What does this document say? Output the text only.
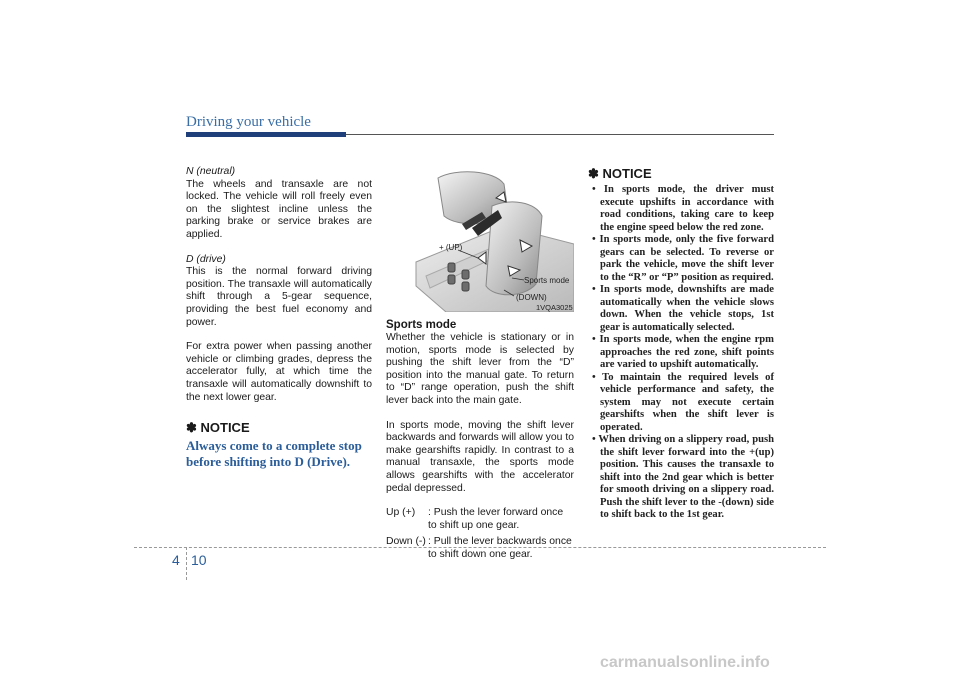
Driving your vehicle

N (neutral)

The wheels and transaxle are not locked. The vehicle will roll freely even on the slightest incline unless the parking brake or service brakes are applied.

D (drive)

This is the normal forward driving position. The transaxle will automatically shift through a 5-gear sequence, providing the best fuel economy and power.

For extra power when passing another vehicle or climbing grades, depress the accelerator fully, at which time the transaxle will automatically downshift to the next lower gear.

✽ NOTICE

Always come to a complete stop before shifting into D (Drive).

+ (UP)
Sports mode
(DOWN)
1VQA3025

Sports mode

Whether the vehicle is stationary or in motion, sports mode is selected by pushing the shift lever from the “D” position into the manual gate. To return to “D” range operation, push the shift lever back into the main gate.

In sports mode, moving the shift lever backwards and forwards will allow you to make gearshifts rapidly. In contrast to a manual transaxle, the sports mode allows gearshifts with the accelerator pedal depressed.

Up (+)	: Push the lever forward once to shift up one gear.
Down (-) : Pull the lever backwards once to shift down one gear.

✽ NOTICE

• In sports mode, the driver must execute upshifts in accordance with road conditions, taking care to keep the engine speed below the red zone.
• In sports mode, only the five forward gears can be selected. To reverse or park the vehicle, move the shift lever to the “R” or “P” position as required.
• In sports mode, downshifts are made automatically when the vehicle slows down. When the vehicle stops, 1st gear is automatically selected.
• In sports mode, when the engine rpm approaches the red zone, shift points are varied to upshift automatically.
• To maintain the required levels of vehicle performance and safety, the system may not execute certain gearshifts when the shift lever is operated.
• When driving on a slippery road, push the shift lever forward into the +(up) position. This causes the transaxle to shift into the 2nd gear which is better for smooth driving on a slippery road. Push the shift lever to the -(down) side to shift back to the 1st gear.
4 10
carmanualsonline.info
